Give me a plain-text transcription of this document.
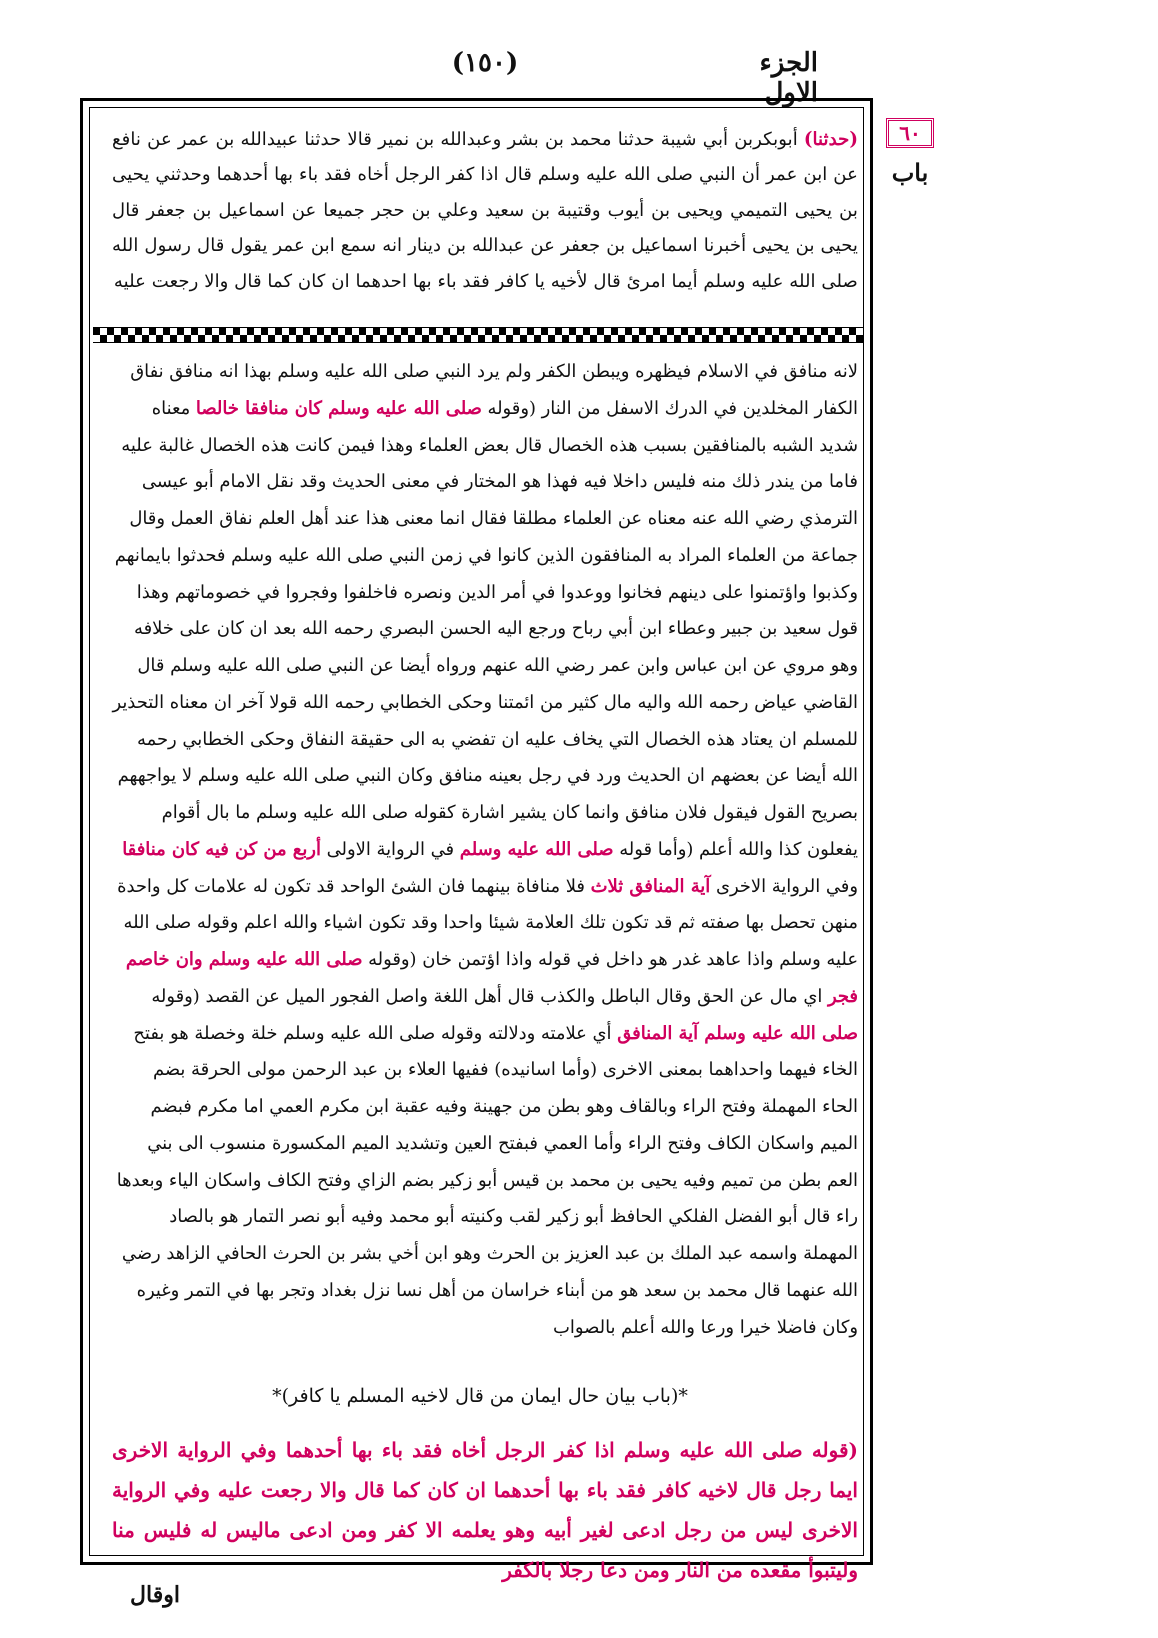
الجزء الاول
(١٥٠)
٦٠
باب
(حدثنا) أبوبكربن أبي شيبة حدثنا محمد بن بشر وعبدالله بن نمير قالا حدثنا عبيدالله بن عمر عن نافع عن ابن عمر أن النبي صلى الله عليه وسلم قال اذا كفر الرجل أخاه فقد باء بها أحدهما وحدثني يحيى بن يحيى التميمي ويحيى بن أيوب وقتيبة بن سعيد وعلي بن حجر جميعا عن اسماعيل بن جعفر قال يحيى بن يحيى أخبرنا اسماعيل بن جعفر عن عبدالله بن دينار انه سمع ابن عمر يقول قال رسول الله صلى الله عليه وسلم أيما امرئ قال لأخيه يا كافر فقد باء بها احدهما ان كان كما قال والا رجعت عليه

لانه منافق في الاسلام فيظهره ويبطن الكفر ولم يرد النبي صلى الله عليه وسلم بهذا انه منافق نفاق الكفار المخلدين في الدرك الاسفل من النار (وقوله صلى الله عليه وسلم كان منافقا خالصا معناه شديد الشبه بالمنافقين بسبب هذه الخصال قال بعض العلماء وهذا فيمن كانت هذه الخصال غالبة عليه فاما من يندر ذلك منه فليس داخلا فيه فهذا هو المختار في معنى الحديث وقد نقل الامام أبو عيسى الترمذي رضي الله عنه معناه عن العلماء مطلقا فقال انما معنى هذا عند أهل العلم نفاق العمل وقال جماعة من العلماء المراد به المنافقون الذين كانوا في زمن النبي صلى الله عليه وسلم فحدثوا بايمانهم وكذبوا واؤتمنوا على دينهم فخانوا ووعدوا في أمر الدين ونصره فاخلفوا وفجروا في خصوماتهم وهذا قول سعيد بن جبير وعطاء ابن أبي رباح ورجع اليه الحسن البصري رحمه الله بعد ان كان على خلافه وهو مروي عن ابن عباس وابن عمر رضي الله عنهم ورواه أيضا عن النبي صلى الله عليه وسلم قال القاضي عياض رحمه الله واليه مال كثير من ائمتنا وحكى الخطابي رحمه الله قولا آخر ان معناه التحذير للمسلم ان يعتاد هذه الخصال التي يخاف عليه ان تفضي به الى حقيقة النفاق وحكى الخطابي رحمه الله أيضا عن بعضهم ان الحديث ورد في رجل بعينه منافق وكان النبي صلى الله عليه وسلم لا يواجههم بصريح القول فيقول فلان منافق وانما كان يشير اشارة كقوله صلى الله عليه وسلم ما بال أقوام يفعلون كذا والله أعلم (وأما قوله صلى الله عليه وسلم في الرواية الاولى أربع من كن فيه كان منافقا وفي الرواية الاخرى آية المنافق ثلاث فلا منافاة بينهما فان الشئ الواحد قد تكون له علامات كل واحدة منهن تحصل بها صفته ثم قد تكون تلك العلامة شيئا واحدا وقد تكون اشياء والله اعلم وقوله صلى الله عليه وسلم واذا عاهد غدر هو داخل في قوله واذا اؤتمن خان (وقوله صلى الله عليه وسلم وان خاصم فجر اي مال عن الحق وقال الباطل والكذب قال أهل اللغة واصل الفجور الميل عن القصد (وقوله صلى الله عليه وسلم آية المنافق أي علامته ودلالته وقوله صلى الله عليه وسلم خلة وخصلة هو بفتح الخاء فيهما واحداهما بمعنى الاخرى (وأما اسانيده) ففيها العلاء بن عبد الرحمن مولى الحرقة بضم الحاء المهملة وفتح الراء وبالقاف وهو بطن من جهينة وفيه عقبة ابن مكرم العمي اما مكرم فبضم الميم واسكان الكاف وفتح الراء وأما العمي فبفتح العين وتشديد الميم المكسورة منسوب الى بني العم بطن من تميم وفيه يحيى بن محمد بن قيس أبو زكير بضم الزاي وفتح الكاف واسكان الياء وبعدها راء قال أبو الفضل الفلكي الحافظ أبو زكير لقب وكنيته أبو محمد وفيه أبو نصر التمار هو بالصاد المهملة واسمه عبد الملك بن عبد العزيز بن الحرث وهو ابن أخي بشر بن الحرث الحافي الزاهد رضي الله عنهما قال محمد بن سعد هو من أبناء خراسان من أهل نسا نزل بغداد وتجر بها في التمر وغيره وكان فاضلا خيرا ورعا والله أعلم بالصواب

*(باب بيان حال ايمان من قال لاخيه المسلم يا كافر)*
(قوله صلى الله عليه وسلم اذا كفر الرجل أخاه فقد باء بها أحدهما وفي الرواية الاخرى ايما رجل قال لاخيه كافر فقد باء بها أحدهما ان كان كما قال والا رجعت عليه وفي الرواية الاخرى ليس من رجل ادعى لغير أبيه وهو يعلمه الا كفر ومن ادعى ماليس له فليس منا وليتبوأ مقعده من النار ومن دعا رجلا بالكفر
اوقال
